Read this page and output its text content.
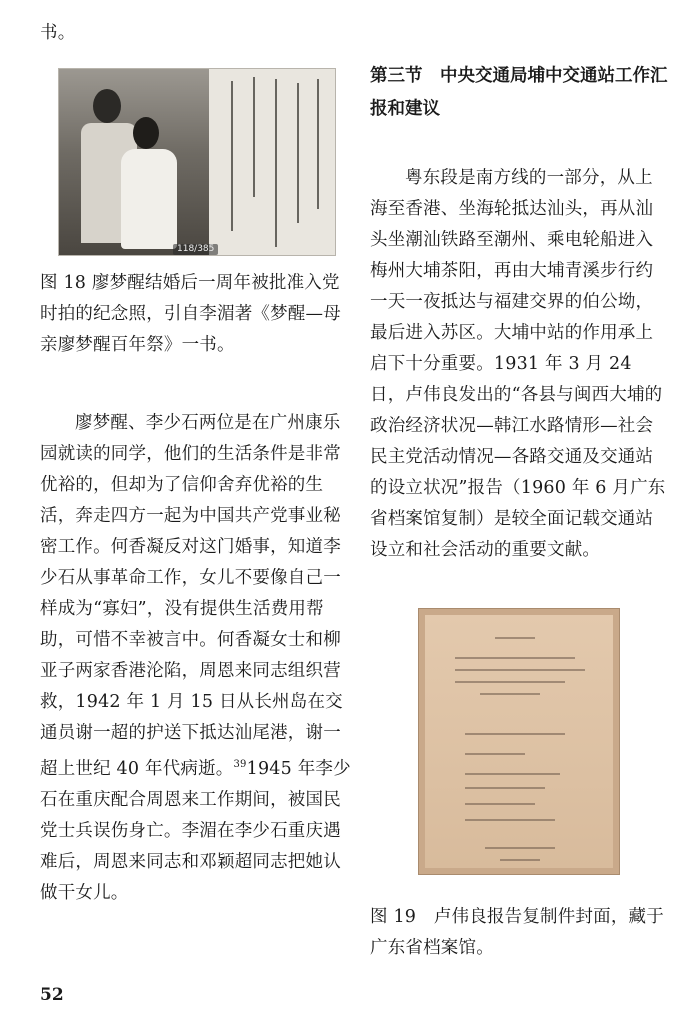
书。

118/385

图 18 廖梦醒结婚后一周年被批准入党时拍的纪念照，引自李湄著《梦醒—母亲廖梦醒百年祭》一书。

廖梦醒、李少石两位是在广州康乐园就读的同学，他们的生活条件是非常优裕的，但却为了信仰舍弃优裕的生活，奔走四方一起为中国共产党事业秘密工作。何香凝反对这门婚事，知道李少石从事革命工作，女儿不要像自己一样成为“寡妇”，没有提供生活费用帮助，可惜不幸被言中。何香凝女士和柳亚子两家香港沦陷，周恩来同志组织营救，1942 年 1 月 15 日从长州岛在交通员谢一超的护送下抵达汕尾港，谢一超上世纪 40 年代病逝。$^{39}$1945 年李少石在重庆配合周恩来工作期间，被国民党士兵误伤身亡。李湄在李少石重庆遇难后，周恩来同志和邓颖超同志把她认做干女儿。

第三节　中央交通局埔中交通站工作汇报和建议

粤东段是南方线的一部分，从上海至香港、坐海轮抵达汕头，再从汕头坐潮汕铁路至潮州、乘电轮船进入梅州大埔茶阳，再由大埔青溪步行约一天一夜抵达与福建交界的伯公坳，最后进入苏区。大埔中站的作用承上启下十分重要。1931 年 3 月 24 日，卢伟良发出的“各县与闽西大埔的政治经济状况—韩江水路情形—社会民主党活动情况—各路交通及交通站的设立状况”报告（1960 年 6 月广东省档案馆复制）是较全面记载交通站设立和社会活动的重要文献。

图 19　卢伟良报告复制件封面，藏于广东省档案馆。

52
